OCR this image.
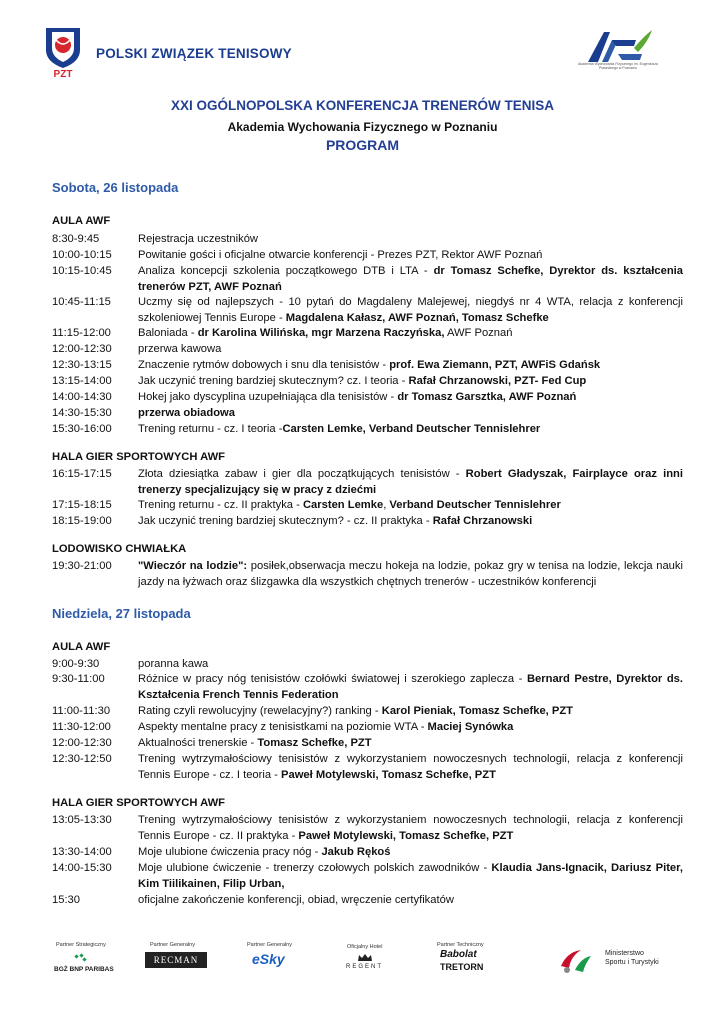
PZT
POLSKI ZWIĄZEK TENISOWY
Akademia Wychowania Fizycznego im. Eugeniusza Piaseckiego w Poznaniu
XXI OGÓLNOPOLSKA KONFERENCJA TRENERÓW TENISA
Akademia Wychowania Fizycznego w Poznaniu
PROGRAM
Sobota, 26 listopada
AULA AWF
8:30-9:45	Rejestracja uczestników
10:00-10:15	Powitanie gości i oficjalne otwarcie konferencji - Prezes PZT, Rektor AWF Poznań
10:15-10:45	Analiza koncepcji szkolenia początkowego DTB i LTA - dr Tomasz Schefke, Dyrektor ds. kształcenia trenerów PZT, AWF Poznań
10:45-11:15	Uczmy się od najlepszych - 10 pytań do Magdaleny Malejewej, niegdyś nr 4 WTA, relacja z konferencji szkoleniowej Tennis Europe - Magdalena Kałasz, AWF Poznań, Tomasz Schefke
11:15-12:00	Baloniada - dr Karolina Wilińska, mgr Marzena Raczyńska, AWF Poznań
12:00-12:30	przerwa kawowa
12:30-13:15	Znaczenie rytmów dobowych i snu dla tenisistów - prof. Ewa Ziemann, PZT, AWFiS Gdańsk
13:15-14:00	Jak uczynić trening bardziej skutecznym? cz. I teoria - Rafał Chrzanowski, PZT- Fed Cup
14:00-14:30	Hokej jako dyscyplina uzupełniająca dla tenisistów - dr Tomasz Garsztka, AWF Poznań
14:30-15:30	przerwa obiadowa
15:30-16:00	Trening returnu - cz. I teoria -Carsten Lemke, Verband Deutscher Tennislehrer
HALA GIER SPORTOWYCH AWF
16:15-17:15	Złota dziesiątka zabaw i gier dla początkujących tenisistów - Robert Gładyszak, Fairplayce oraz inni trenerzy specjalizujący się w pracy z dziećmi
17:15-18:15	Trening returnu - cz. II praktyka - Carsten Lemke, Verband Deutscher Tennislehrer
18:15-19:00	Jak uczynić trening bardziej skutecznym? - cz. II praktyka - Rafał Chrzanowski
LODOWISKO CHWIAŁKA
19:30-21:00	"Wieczór na lodzie": posiłek,obserwacja meczu hokeja na lodzie, pokaz gry w tenisa na lodzie, lekcja nauki jazdy na łyżwach oraz ślizgawka dla wszystkich chętnych trenerów - uczestników konferencji
Niedziela, 27 listopada
AULA AWF
9:00-9:30	poranna kawa
9:30-11:00	Różnice w pracy nóg tenisistów czołówki światowej i szerokiego zaplecza - Bernard Pestre, Dyrektor ds. Kształcenia French Tennis Federation
11:00-11:30	Rating czyli rewolucyjny (rewelacyjny?) ranking - Karol Pieniak, Tomasz Schefke, PZT
11:30-12:00	Aspekty mentalne pracy z tenisistkami na poziomie WTA - Maciej Synówka
12:00-12:30	Aktualności trenerskie - Tomasz Schefke, PZT
12:30-12:50	Trening wytrzymałościowy tenisistów z wykorzystaniem nowoczesnych technologii, relacja z konferencji Tennis Europe - cz. I teoria - Paweł Motylewski, Tomasz Schefke, PZT
HALA GIER SPORTOWYCH AWF
13:05-13:30	Trening wytrzymałościowy tenisistów z wykorzystaniem nowoczesnych technologii, relacja z konferencji Tennis Europe - cz. II praktyka - Paweł Motylewski, Tomasz Schefke, PZT
13:30-14:00	Moje ulubione ćwiczenia pracy nóg - Jakub Rękoś
14:00-15:30	Moje ulubione ćwiczenie - trenerzy czołowych polskich zawodników - Klaudia Jans-Ignacik, Dariusz Piter, Kim Tiilikainen, Filip Urban,
15:30	oficjalne zakończenie konferencji, obiad, wręczenie certyfikatów
Partner Strategiczny
BGŻ BNP PARIBAS
Partner Generalny
RECMAN
Partner Generalny
eSky
Oficjalny Hotel
REGENT
Partner Techniczny
Babolat
TRETORN
Ministerstwo
Sportu i Turystyki
